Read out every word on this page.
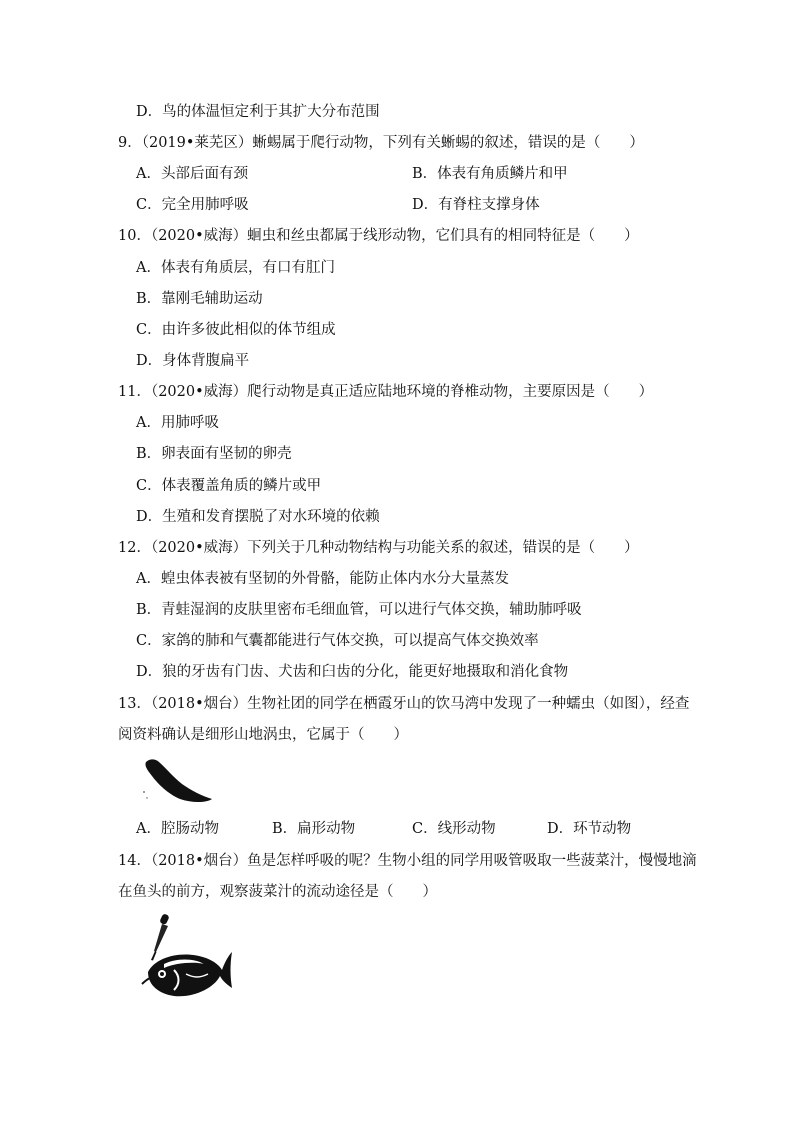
D．鸟的体温恒定利于其扩大分布范围
9．（2019•莱芜区）蜥蜴属于爬行动物，下列有关蜥蜴的叙述，错误的是（　　）
A．头部后面有颈	B．体表有角质鳞片和甲
C．完全用肺呼吸	D．有脊柱支撑身体
10．（2020•威海）蛔虫和丝虫都属于线形动物，它们具有的相同特征是（　　）
A．体表有角质层，有口有肛门
B．靠刚毛辅助运动
C．由许多彼此相似的体节组成
D．身体背腹扁平
11．（2020•威海）爬行动物是真正适应陆地环境的脊椎动物，主要原因是（　　）
A．用肺呼吸
B．卵表面有坚韧的卵壳
C．体表覆盖角质的鳞片或甲
D．生殖和发育摆脱了对水环境的依赖
12．（2020•威海）下列关于几种动物结构与功能关系的叙述，错误的是（　　）
A．蝗虫体表被有坚韧的外骨骼，能防止体内水分大量蒸发
B．青蛙湿润的皮肤里密布毛细血管，可以进行气体交换，辅助肺呼吸
C．家鸽的肺和气囊都能进行气体交换，可以提高气体交换效率
D．狼的牙齿有门齿、犬齿和臼齿的分化，能更好地摄取和消化食物
13．（2018•烟台）生物社团的同学在栖霞牙山的饮马湾中发现了一种蠕虫（如图），经查
阅资料确认是细形山地涡虫，它属于（　　）
A．腔肠动物	B．扁形动物	C．线形动物	D．环节动物
14．（2018•烟台）鱼是怎样呼吸的呢？生物小组的同学用吸管吸取一些菠菜汁，慢慢地滴
在鱼头的前方，观察菠菜汁的流动途径是（　　）
